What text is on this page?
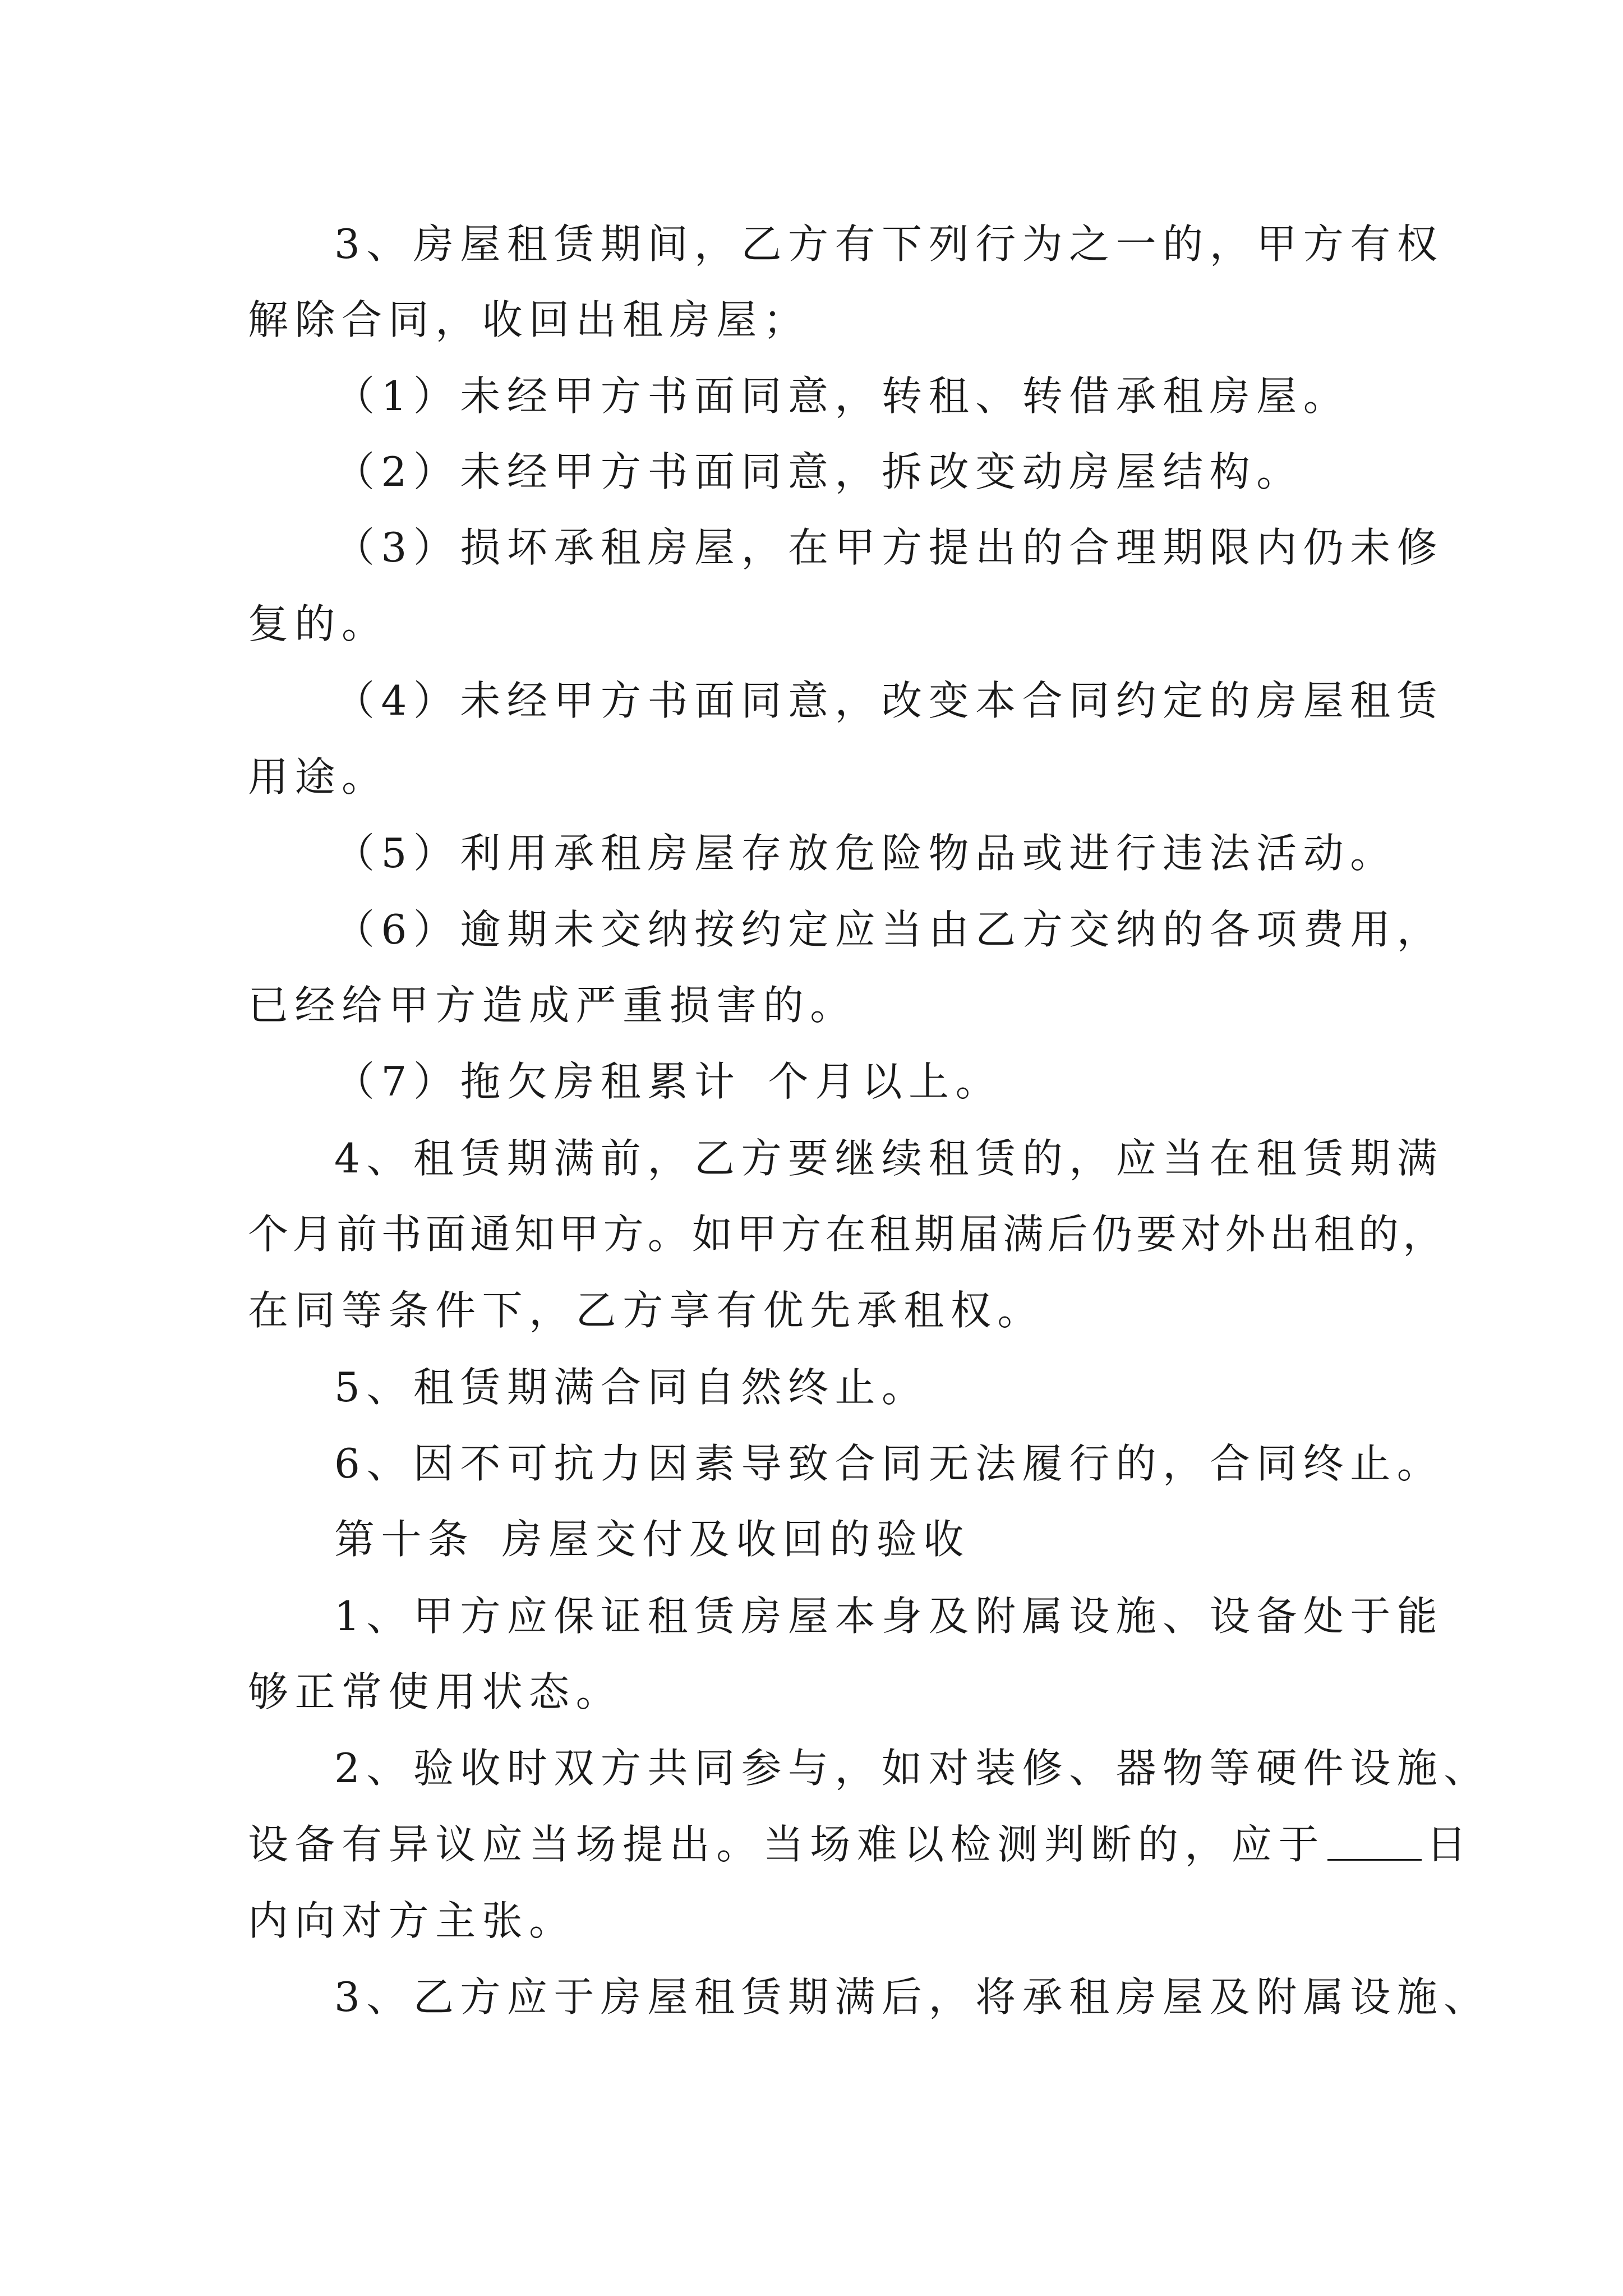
3、房屋租赁期间，乙方有下列行为之一的，甲方有权
解除合同，收回出租房屋；
（1）未经甲方书面同意，转租、转借承租房屋。
（2）未经甲方书面同意，拆改变动房屋结构。
（3）损坏承租房屋，在甲方提出的合理期限内仍未修
复的。
（4）未经甲方书面同意，改变本合同约定的房屋租赁
用途。
（5）利用承租房屋存放危险物品或进行违法活动。
（6）逾期未交纳按约定应当由乙方交纳的各项费用，
已经给甲方造成严重损害的。
（7）拖欠房租累计 个月以上。
4、租赁期满前，乙方要继续租赁的，应当在租赁期满
个月前书面通知甲方。如甲方在租期届满后仍要对外出租的，
在同等条件下，乙方享有优先承租权。
5、租赁期满合同自然终止。
6、因不可抗力因素导致合同无法履行的，合同终止。
第十条 房屋交付及收回的验收
1、甲方应保证租赁房屋本身及附属设施、设备处于能
够正常使用状态。
2、验收时双方共同参与，如对装修、器物等硬件设施、
设备有异议应当场提出。当场难以检测判断的，应于	日
内向对方主张。
3、乙方应于房屋租赁期满后，将承租房屋及附属设施、
